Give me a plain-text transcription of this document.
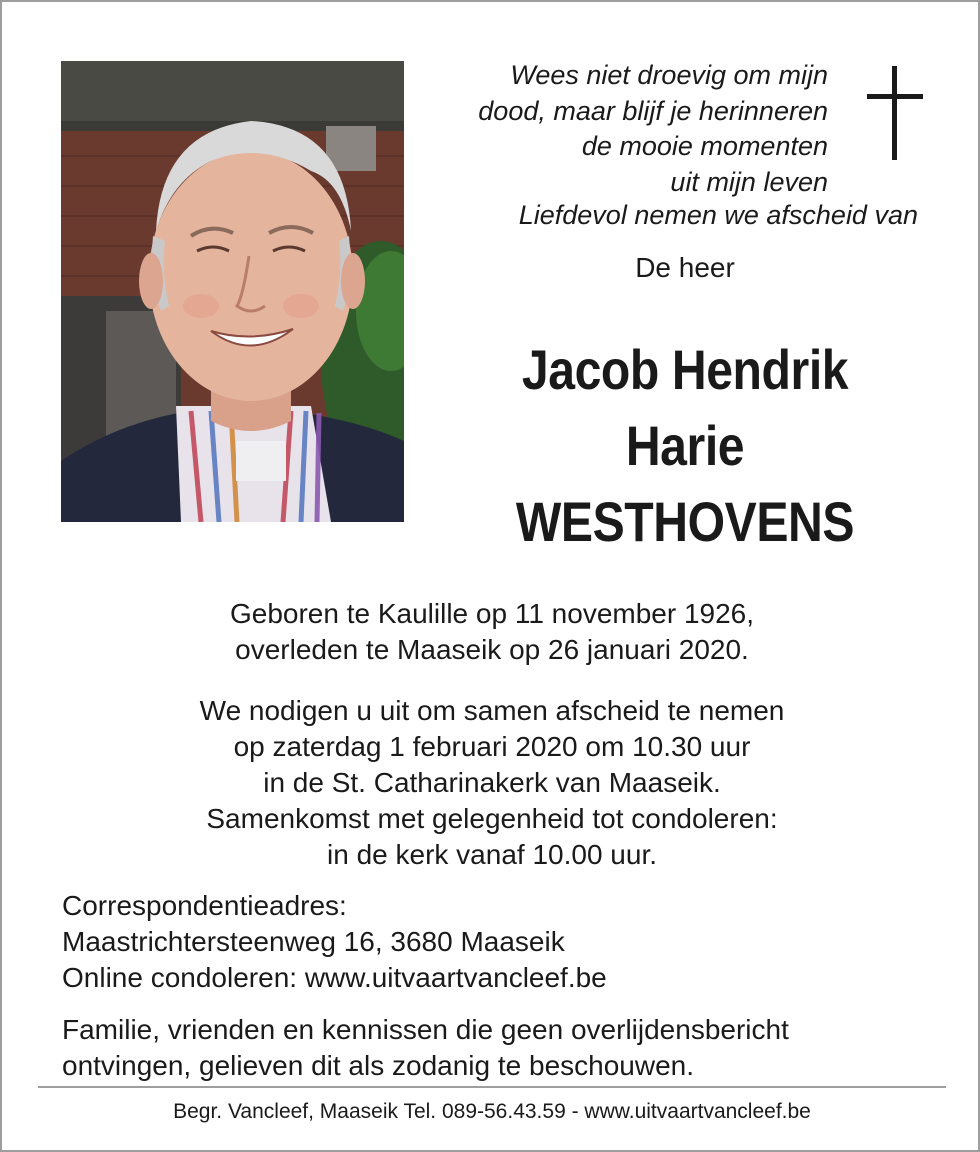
Wees niet droevig om mijn
dood, maar blijf je herinneren
de mooie momenten
uit mijn leven
Liefdevol nemen we afscheid van
De heer
Jacob Hendrik
Harie
WESTHOVENS
Geboren te Kaulille op 11 november 1926,
overleden te Maaseik op 26 januari 2020.
We nodigen u uit om samen afscheid te nemen
op zaterdag 1 februari 2020 om 10.30 uur
in de St. Catharinakerk van Maaseik.
Samenkomst met gelegenheid tot condoleren:
in de kerk vanaf 10.00 uur.
Correspondentieadres:
Maastrichtersteenweg 16, 3680 Maaseik
Online condoleren: www.uitvaartvancleef.be
Familie, vrienden en kennissen die geen overlijdensbericht
ontvingen, gelieven dit als zodanig te beschouwen.
Begr. Vancleef, Maaseik Tel. 089-56.43.59 - www.uitvaartvancleef.be
